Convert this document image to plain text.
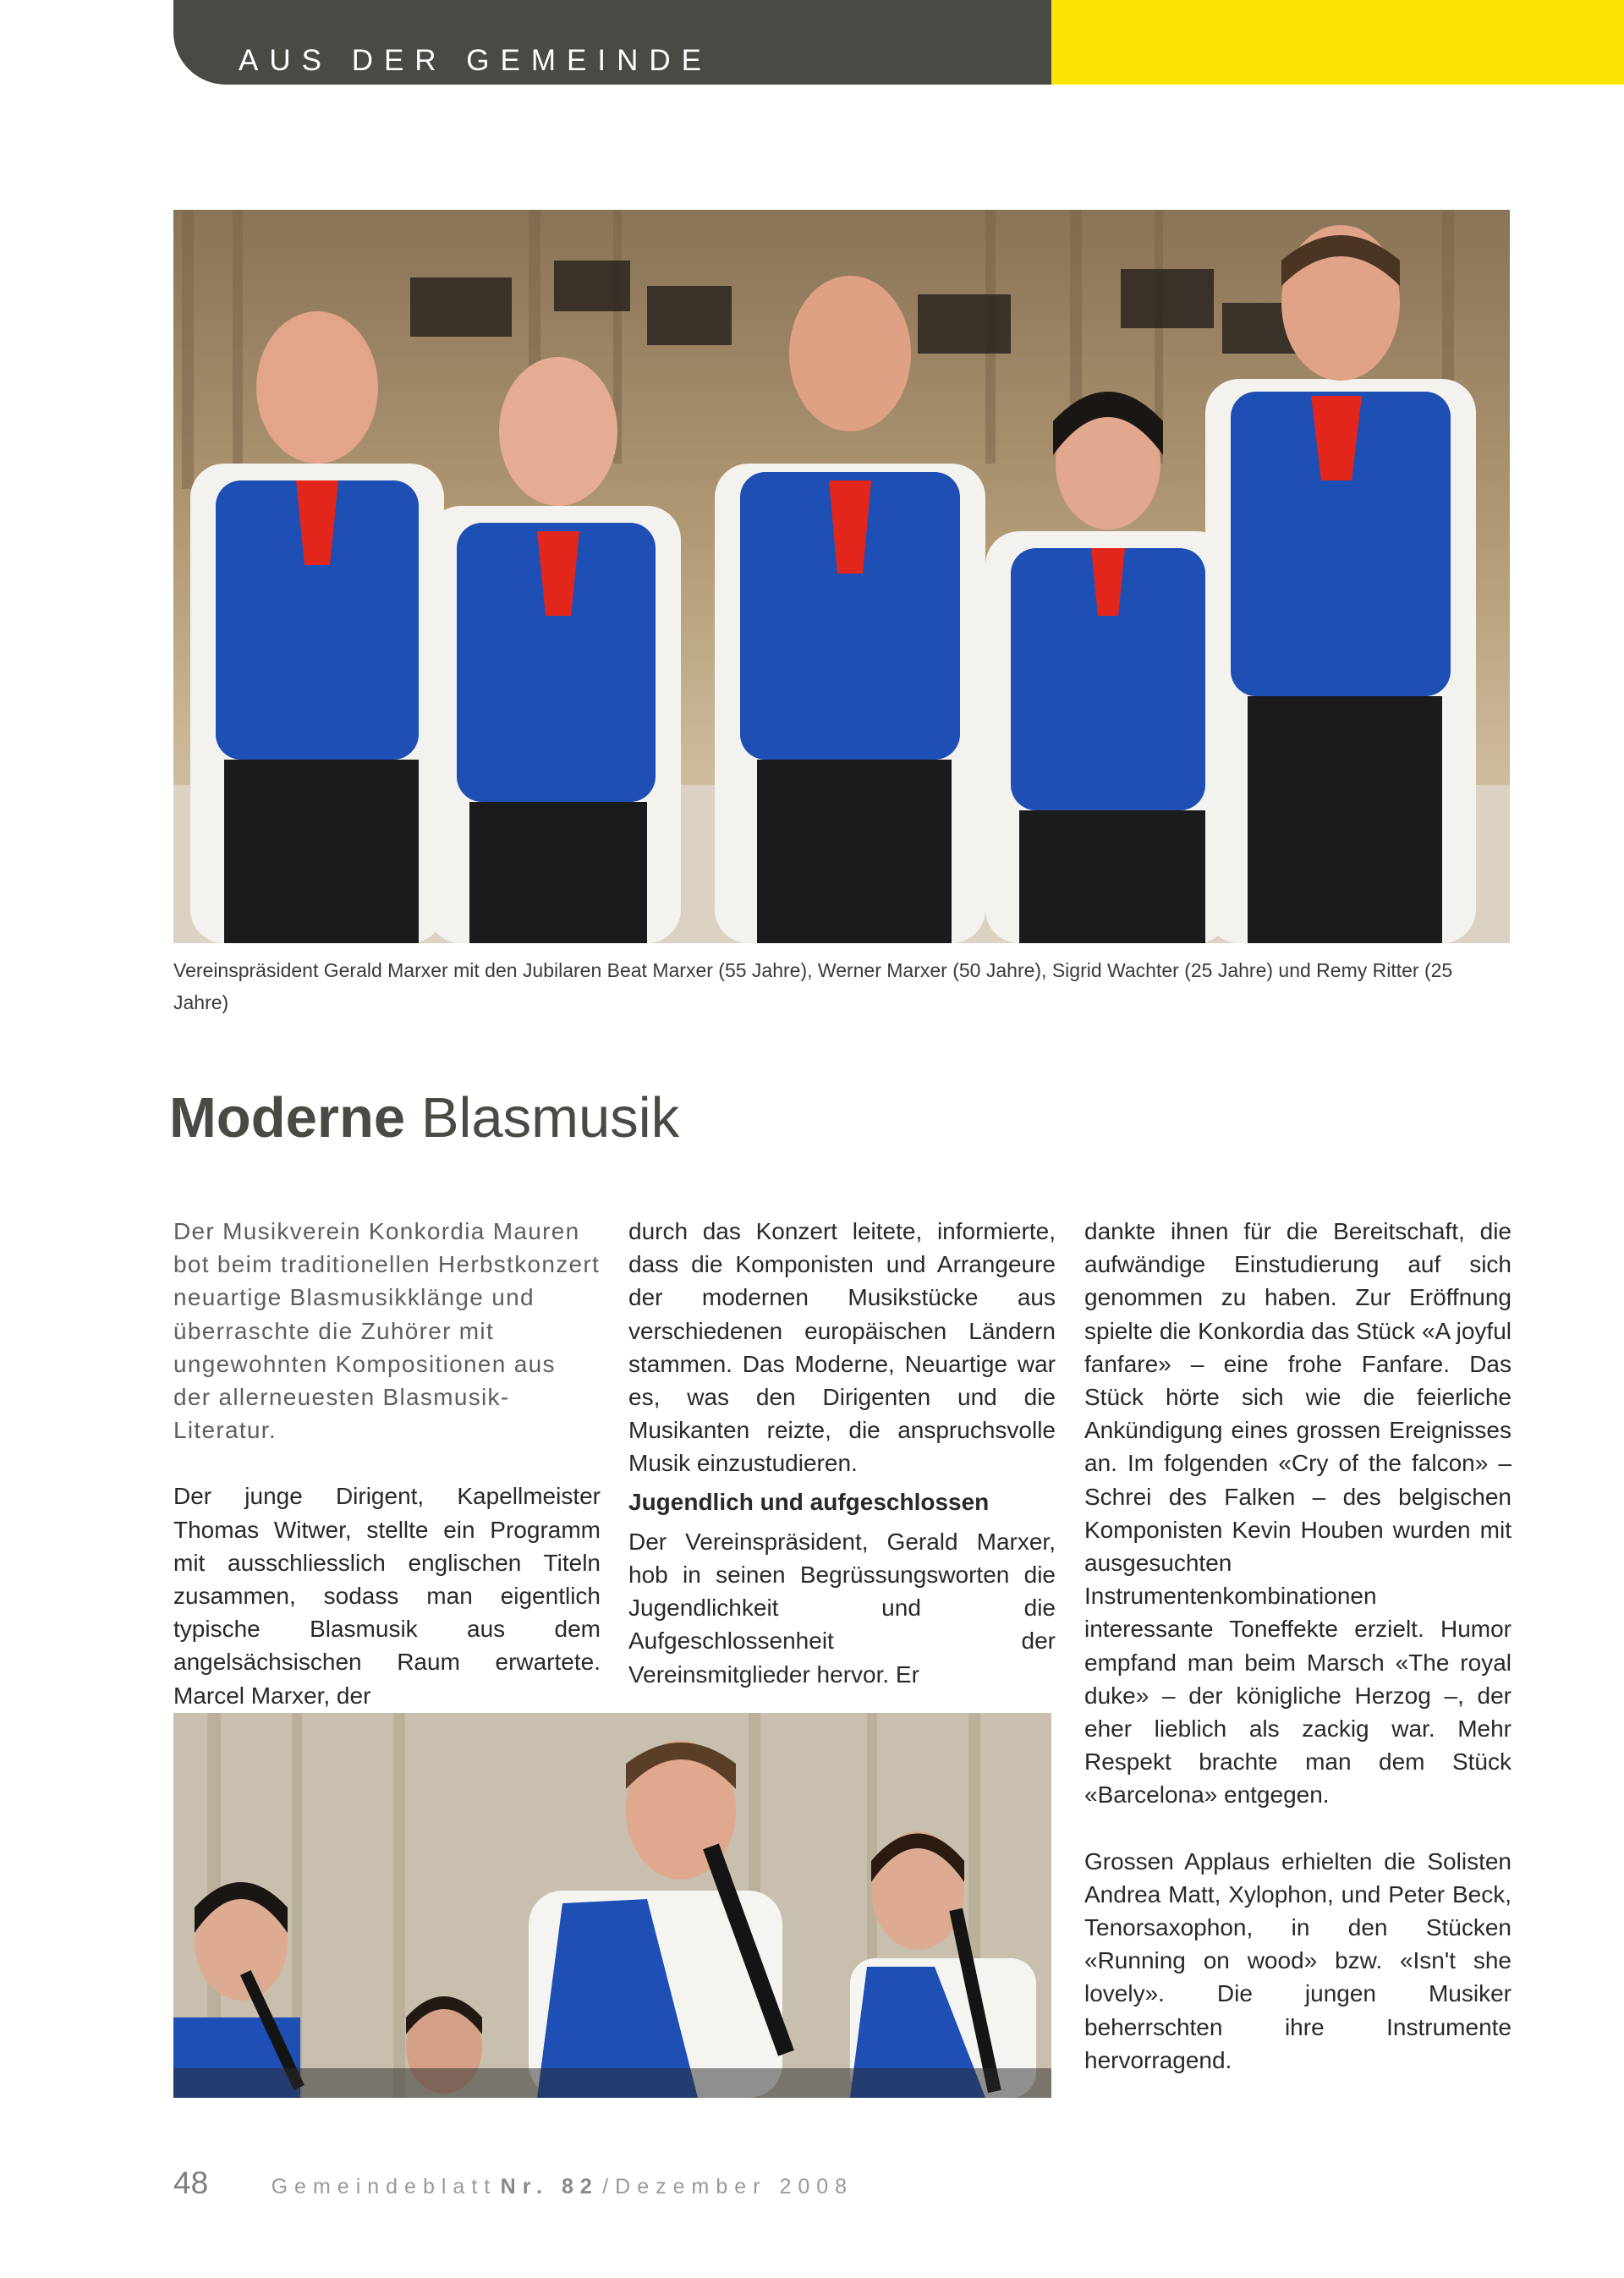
AUS DER GEMEINDE
Vereinspräsident Gerald Marxer mit den Jubilaren Beat Marxer (55 Jahre), Werner Marxer (50 Jahre), Sigrid Wachter (25 Jahre) und Remy Ritter (25 Jahre)
Moderne Blasmusik

Der Musikverein Konkordia Mauren bot beim traditionellen Herbstkonzert neuartige Blasmusikklänge und überraschte die Zuhörer mit ungewohnten Kompositionen aus der allerneuesten Blasmusik-Literatur.

Der junge Dirigent, Kapellmeister Thomas Witwer, stellte ein Programm mit ausschliesslich englischen Titeln zusammen, sodass man eigentlich typische Blasmusik aus dem angelsächsischen Raum erwartete. Marcel Marxer, der

durch das Konzert leitete, informierte, dass die Komponisten und Arrangeure der modernen Musikstücke aus verschiedenen europäischen Ländern stammen. Das Moderne, Neuartige war es, was den Dirigenten und die Musikanten reizte, die anspruchsvolle Musik einzustudieren.

Jugendlich und aufgeschlossen

Der Vereinspräsident, Gerald Marxer, hob in seinen Begrüssungsworten die Jugendlichkeit und die Aufgeschlossenheit der Vereinsmitglieder hervor. Er

dankte ihnen für die Bereitschaft, die aufwändige Einstudierung auf sich genommen zu haben. Zur Eröffnung spielte die Konkordia das Stück «A joyful fanfare» – eine frohe Fanfare. Das Stück hörte sich wie die feierliche Ankündigung eines grossen Ereignisses an. Im folgenden «Cry of the falcon» – Schrei des Falken – des belgischen Komponisten Kevin Houben wurden mit ausgesuchten Instrumentenkombinationen interessante Toneffekte erzielt. Humor empfand man beim Marsch «The royal duke» – der königliche Herzog –, der eher lieblich als zackig war. Mehr Respekt brachte man dem Stück «Barcelona» entgegen.

Grossen Applaus erhielten die Solisten Andrea Matt, Xylophon, und Peter Beck, Tenorsaxophon, in den Stücken «Running on wood» bzw. «Isn't she lovely». Die jungen Musiker beherrschten ihre Instrumente hervorragend.

48	Gemeindeblatt Nr. 82 /Dezember 2008
